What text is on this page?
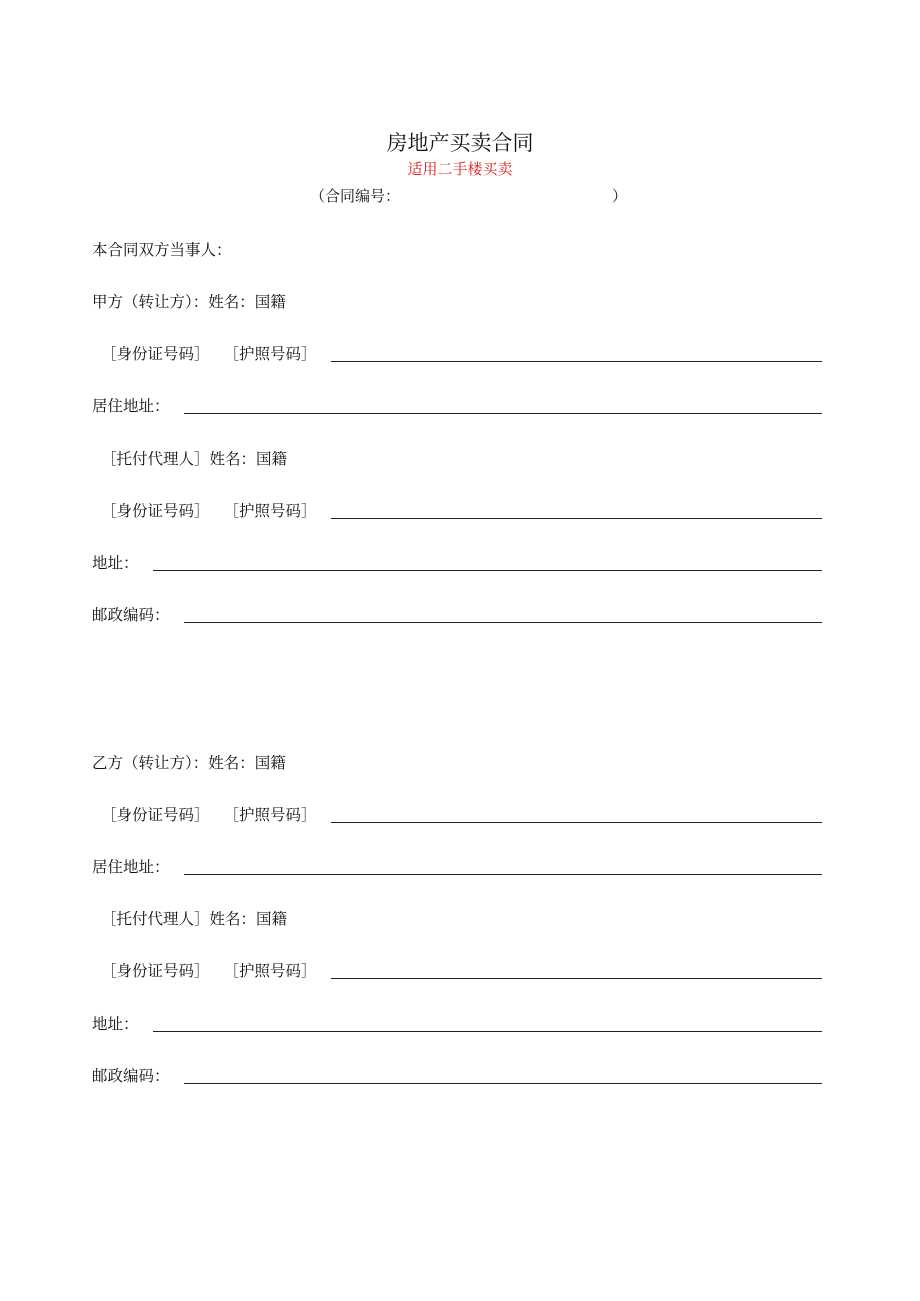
房地产买卖合同
适用二手楼买卖
（合同编号：	）
本合同双方当事人：
甲方（转让方）：姓名：国籍
［身份证号码］ ［护照号码］
居住地址：
［托付代理人］姓名：国籍
［身份证号码］ ［护照号码］
地址：
邮政编码：
乙方（转让方）：姓名：国籍
［身份证号码］ ［护照号码］
居住地址：
［托付代理人］姓名：国籍
［身份证号码］ ［护照号码］
地址：
邮政编码：
